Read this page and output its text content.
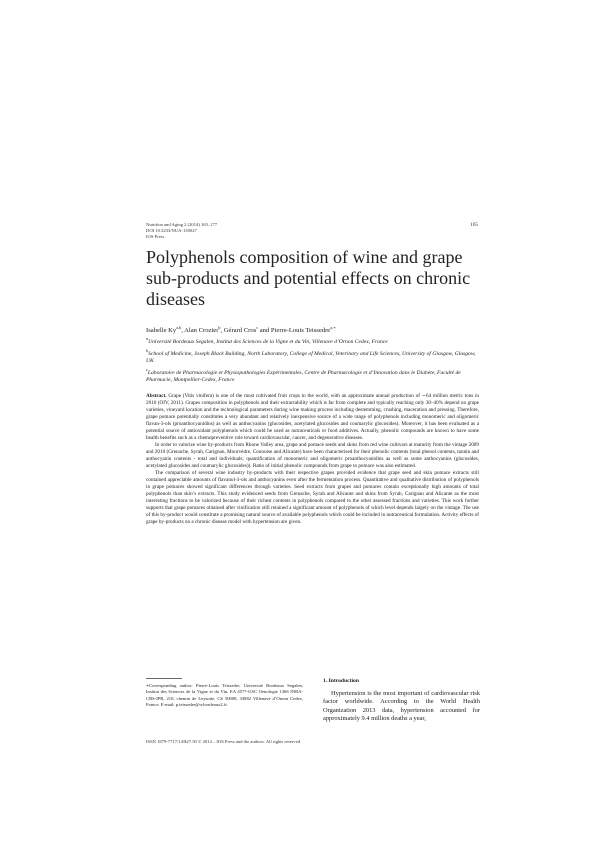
Nutrition and Aging 2 (2014) 165–177
DOI 10.3233/NUA-130027
IOS Press
165
Polyphenols composition of wine and grape sub-products and potential effects on chronic diseases
Isabelle Ky$^{a,b}$, Alan Crozier$^b$, Gérard Cros$^c$ and Pierre-Louis Teissedre$^{a,∗}$

$^a$Université Bordeaux Segalen, Institut des Sciences de la Vigne et du Vin, Villenave d’Ornon Cedex, France

$^b$School of Medicine, Joseph Black Building, North Laboratory, College of Medical, Veterinary and Life Sciences, University of Glasgow, Glasgow, UK

$^c$Laboratoire de Pharmacologie et Physiopathologies Expérimentales, Centre de Pharmacologie et d’Innovation dans le Diabète, Faculté de Pharmacie, Montpellier-Cedex, France

Abstract. Grape (Vitis vinifera) is one of the most cultivated fruit crops in the world, with an approximate annual production of ∼64 million metric tons in 2010 (OIV, 2011). Grapes composition in polyphenols and their extractability which is far from complete and typically reaching only 30–40% depend on grape varieties, vineyard location and the technological parameters during wine making process including destemming, crushing, maceration and pressing. Therefore, grape pomace potentially constitutes a very abundant and relatively inexpensive source of a wide range of polyphenols including monomeric and oligomeric flavan-3-ols (proanthocyanidins) as well as anthocyanins (glucosides, acetylated glucosides and coumarylic glucosides). Moreover, it has been evaluated as a potential source of antioxidant polyphenols which could be used as nutraceuticals or food additives. Actually, phenolic compounds are known to have some health benefits such as a chemopreventive role toward cardiovascular, cancer, and degenerative diseases.

In order to valorize wine by-products from Rhone Valley area, grape and pomace seeds and skins from red wine cultivars at maturity from the vintage 2009 and 2010 (Grenache, Syrah, Carignan, Mourvèdre, Counoise and Alicante) have been characterised for their phenolic contents (total phenol contents, tannin and anthocyanin contents - total and individuals; quantification of monomeric and oligomeric proanthocyanidins as well as some anthocyanins (glucosides, acetylated glucosides and coumarylic glucosides)). Ratio of initial phenolic compounds from grape to pomace was also estimated.

The comparison of several wine industry by-products with their respective grapes provided evidence that grape seed and skin pomace extracts still contained appreciable amounts of flavanol-3-ols and anthocyanins even after the fermentation process. Quantitative and qualitative distribution of polyphenols in grape pomaces showed significant differences through varieties. Seed extracts from grapes and pomaces contain exceptionally high amounts of total polyphenols than skin’s extracts. This study evidenced seeds from Grenache, Syrah and Alicante and skins from Syrah, Carignan and Alicante as the most interesting fractions to be valorized because of their richest contents in polyphenols compared to the other assessed fractions and varieties. This work further supports that grape pomaces obtained after vinification still retained a significant amount of polyphenols of which level depends largely on the vintage. The use of this by-product would constitute a promising natural source of available polyphenols which could be included in nutraceutical formulation. Activity effects of grape by-products on a chronic disease model with hypertension are given.

∗Corresponding author: Pierre-Louis Teissedre, Université Bordeaux Segalen, Institut des Sciences de la Vigne et du Vin, EA 4577-USC Oenologie 1366 INRA-CBS-IPB, 210, chemin de Leysotte, CS 50008, 33882 Villenave d’Ornon Cedex, France. E-mail: p.teissedre@u-bordeaux2.fr.
1. Introduction

Hypertension is the most important of cardiovascular risk factor worldwide. According to the World Health Organization 2013 data, hypertension accounted for approximately 9.4 million deaths a year,

ISSN 1879-7717/14/$27.50 © 2014 – IOS Press and the authors. All rights reserved
